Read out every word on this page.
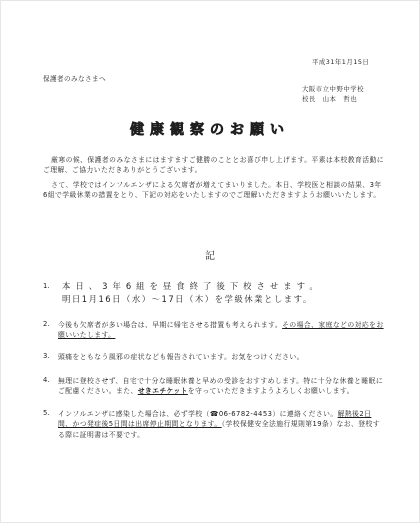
平成31年1月15日
保護者のみなさまへ
大阪市立中野中学校
校長　山本　哲也
健康観察のお願い

厳寒の候、保護者のみなさまにはますますご健勝のこととお喜び申し上げます。平素は本校教育活動にご理解、ご協力いただきありがとうございます。

さて、学校ではインフルエンザによる欠席者が増えてまいりました。本日、学校医と相談の結果、3年6組で学級休業の措置をとり、下記の対応をいたしますのでご理解いただきますようお願いいたします。

記
1. 本日、3年6組を昼食終了後下校させます。
明日1月16日（水）〜17日（木）を学級休業とします。
2. 今後も欠席者が多い場合は、早期に帰宅させる措置も考えられます。その場合、家庭などの対応をお願いいたします。
3. 頭痛をともなう風邪の症状なども報告されています。お気をつけください。
4. 無理に登校させず、自宅で十分な睡眠休養と早めの受診をおすすめします。特に十分な休養と睡眠にご配慮ください。また、せきエチケットを守っていただきますようよろしくお願いします。
5. インフルエンザに感染した場合は、必ず学校（☎06-6782-4453）に連絡ください。解熱後2日間、かつ発症後5日間は出席停止期間となります。（学校保健安全法施行規則第19条）なお、登校する際に証明書は不要です。
